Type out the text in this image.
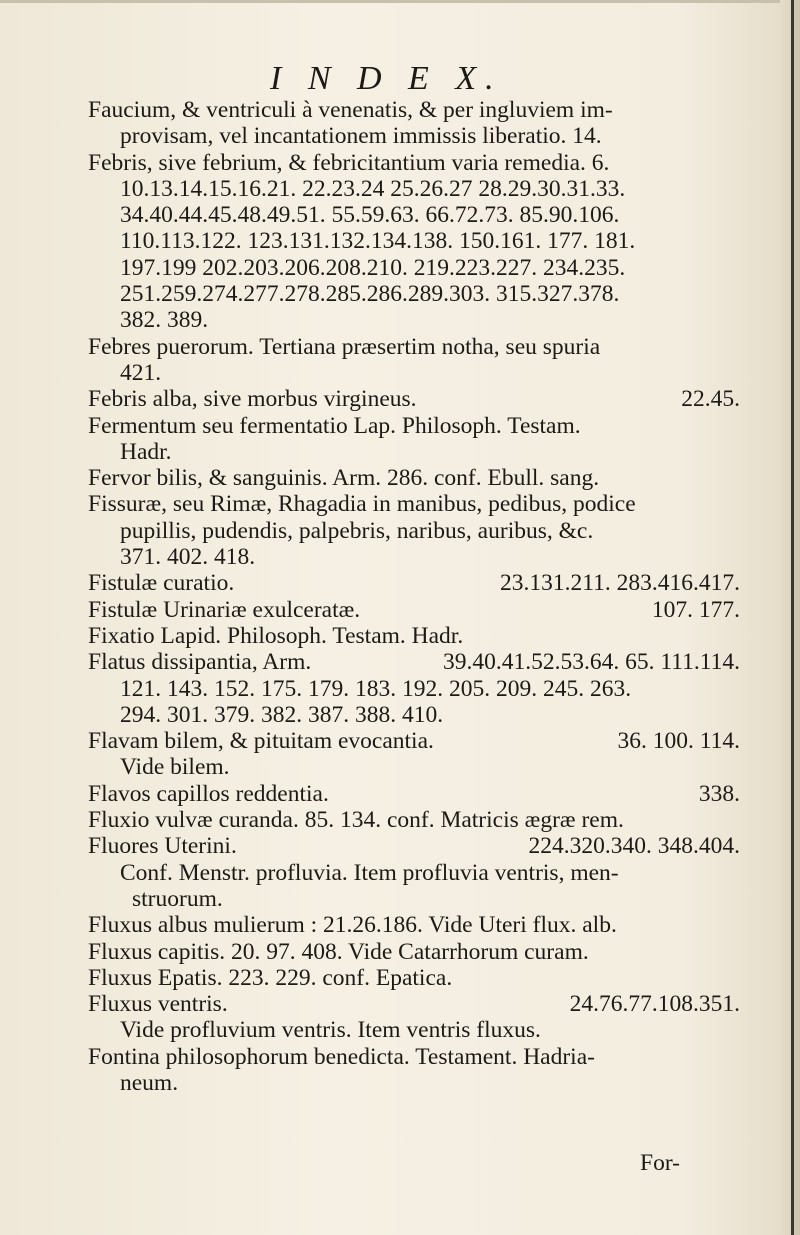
I N D E X.
Faucium, & ventriculi à venenatis, & per ingluviem im-
provisam, vel incantationem immissis liberatio. 14.
Febris, sive febrium, & febricitantium varia remedia. 6.
10.13.14.15.16.21. 22.23.24 25.26.27 28.29.30.31.33.
34.40.44.45.48.49.51. 55.59.63. 66.72.73. 85.90.106.
110.113.122. 123.131.132.134.138. 150.161. 177. 181.
197.199 202.203.206.208.210. 219.223.227. 234.235.
251.259.274.277.278.285.286.289.303. 315.327.378.
382. 389.
Febres puerorum. Tertiana præsertim notha, seu spuria
421.
Febris alba, sive morbus virgineus.	22.45.
Fermentum seu fermentatio Lap. Philosoph. Testam.
Hadr.
Fervor bilis, & sanguinis. Arm. 286. conf. Ebull. sang.
Fissuræ, seu Rimæ, Rhagadia in manibus, pedibus, podice
pupillis, pudendis, palpebris, naribus, auribus, &c.
371. 402. 418.
Fistulæ curatio.	23.131.211. 283.416.417.
Fistulæ Urinariæ exulceratæ.	107. 177.
Fixatio Lapid. Philosoph. Testam. Hadr.
Flatus dissipantia, Arm.	39.40.41.52.53.64. 65. 111.114.
121. 143. 152. 175. 179. 183. 192. 205. 209. 245. 263.
294. 301. 379. 382. 387. 388. 410.
Flavam bilem, & pituitam evocantia.	36. 100. 114.
Vide bilem.
Flavos capillos reddentia.	338.
Fluxio vulvæ curanda. 85. 134. conf. Matricis ægræ rem.
Fluores Uterini.	224.320.340. 348.404.
Conf. Menstr. profluvia. Item profluvia ventris, men-
struorum.
Fluxus albus mulierum : 21.26.186. Vide Uteri flux. alb.
Fluxus capitis. 20. 97. 408. Vide Catarrhorum curam.
Fluxus Epatis. 223. 229. conf. Epatica.
Fluxus ventris.	24.76.77.108.351.
Vide profluvium ventris. Item ventris fluxus.
Fontina philosophorum benedicta. Testament. Hadria-
neum.
For-
